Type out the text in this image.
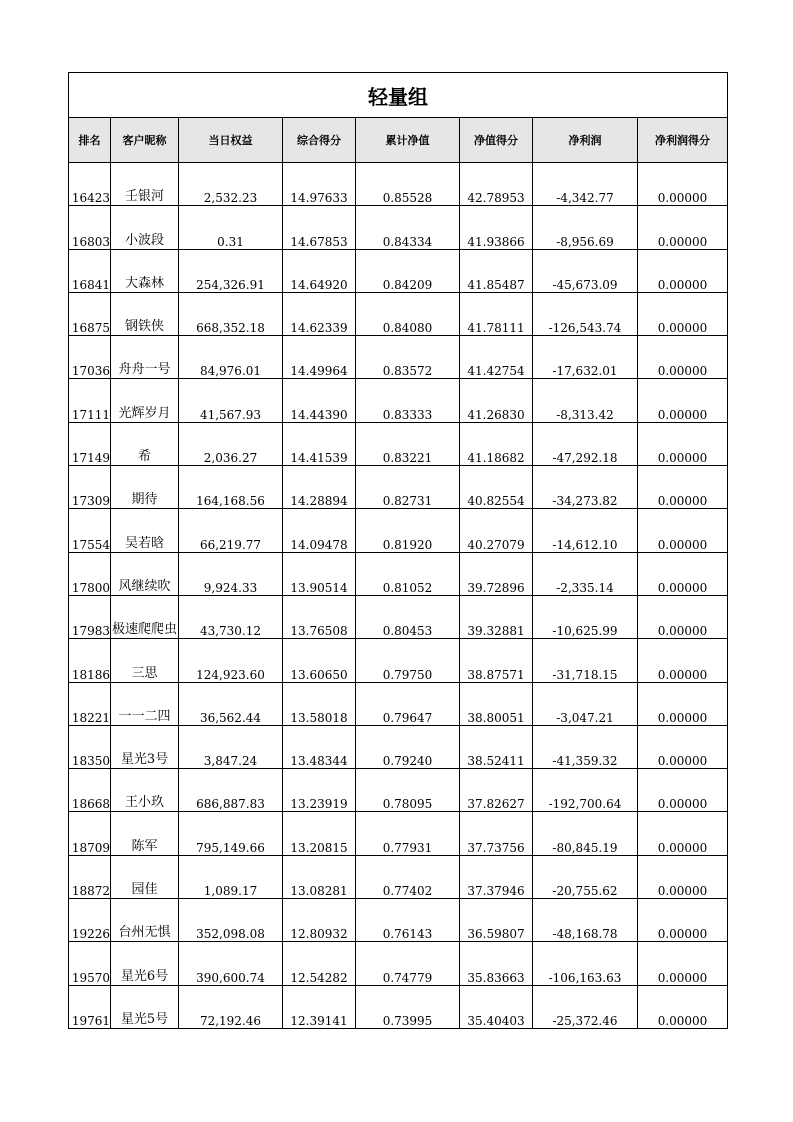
轻量组							
排名	客户昵称	当日权益	综合得分	累计净值	净值得分	净利润	净利润得分
16423	壬银河	2,532.23	14.97633	0.85528	42.78953	-4,342.77	0.00000
16803	小波段	0.31	14.67853	0.84334	41.93866	-8,956.69	0.00000
16841	大森林	254,326.91	14.64920	0.84209	41.85487	-45,673.09	0.00000
16875	钢铁侠	668,352.18	14.62339	0.84080	41.78111	-126,543.74	0.00000
17036	舟舟一号	84,976.01	14.49964	0.83572	41.42754	-17,632.01	0.00000
17111	光辉岁月	41,567.93	14.44390	0.83333	41.26830	-8,313.42	0.00000
17149	希	2,036.27	14.41539	0.83221	41.18682	-47,292.18	0.00000
17309	期待	164,168.56	14.28894	0.82731	40.82554	-34,273.82	0.00000
17554	吴若晗	66,219.77	14.09478	0.81920	40.27079	-14,612.10	0.00000
17800	风继续吹	9,924.33	13.90514	0.81052	39.72896	-2,335.14	0.00000
17983	极速爬爬虫	43,730.12	13.76508	0.80453	39.32881	-10,625.99	0.00000
18186	三思	124,923.60	13.60650	0.79750	38.87571	-31,718.15	0.00000
18221	一一二四	36,562.44	13.58018	0.79647	38.80051	-3,047.21	0.00000
18350	星光3号	3,847.24	13.48344	0.79240	38.52411	-41,359.32	0.00000
18668	王小玖	686,887.83	13.23919	0.78095	37.82627	-192,700.64	0.00000
18709	陈军	795,149.66	13.20815	0.77931	37.73756	-80,845.19	0.00000
18872	园佳	1,089.17	13.08281	0.77402	37.37946	-20,755.62	0.00000
19226	台州无惧	352,098.08	12.80932	0.76143	36.59807	-48,168.78	0.00000
19570	星光6号	390,600.74	12.54282	0.74779	35.83663	-106,163.63	0.00000
19761	星光5号	72,192.46	12.39141	0.73995	35.40403	-25,372.46	0.00000
